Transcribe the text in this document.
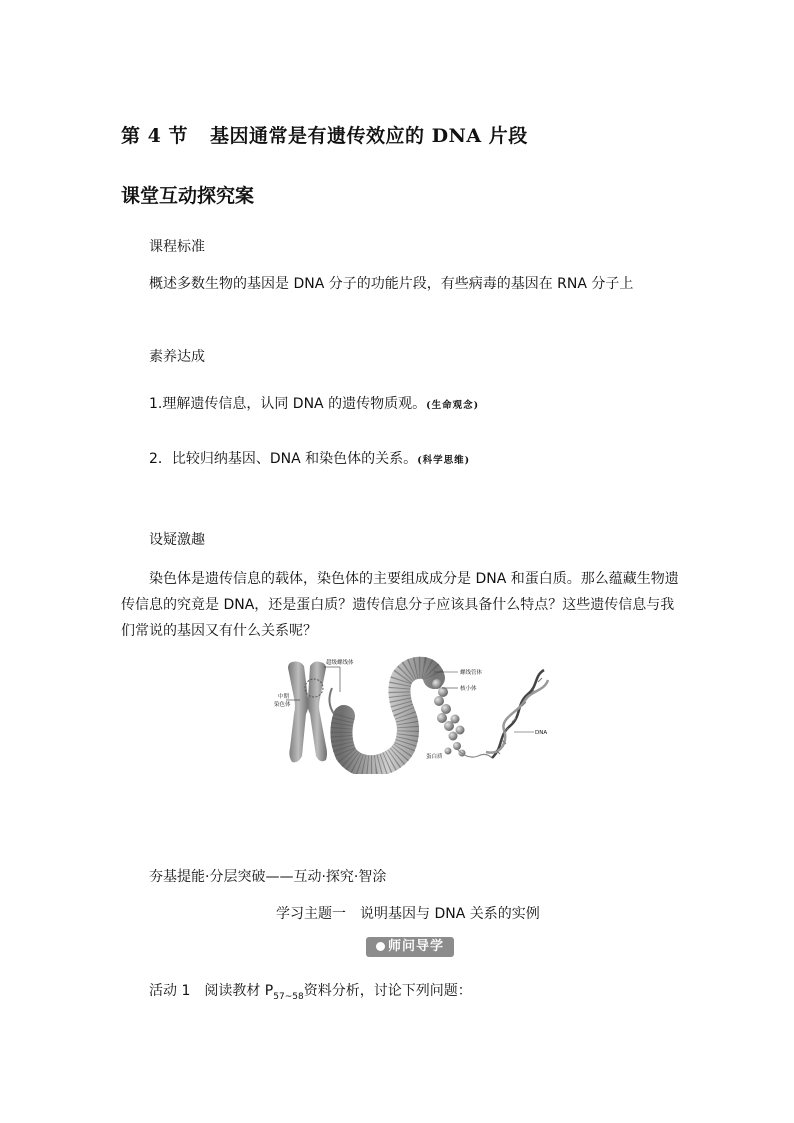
第 4 节 基因通常是有遗传效应的 DNA 片段
课堂互动探究案
课程标准
概述多数生物的基因是 DNA 分子的功能片段，有些病毒的基因在 RNA 分子上
素养达成
1.理解遗传信息，认同 DNA 的遗传物质观。(生命观念)
2．比较归纳基因、DNA 和染色体的关系。(科学思维)
设疑激趣
染色体是遗传信息的载体，染色体的主要组成成分是 DNA 和蛋白质。那么蕴藏生物遗传信息的究竟是 DNA，还是蛋白质？遗传信息分子应该具备什么特点？这些遗传信息与我们常说的基因又有什么关系呢？
超级螺线体
螺线管体
核小体
中期
染色体
DNA
蛋白质
夯基提能·分层突破——互动·探究·智涂
学习主题一　说明基因与 DNA 关系的实例
师问导学
活动 1　阅读教材 $P_{57\sim 58}$资料分析，讨论下列问题：
